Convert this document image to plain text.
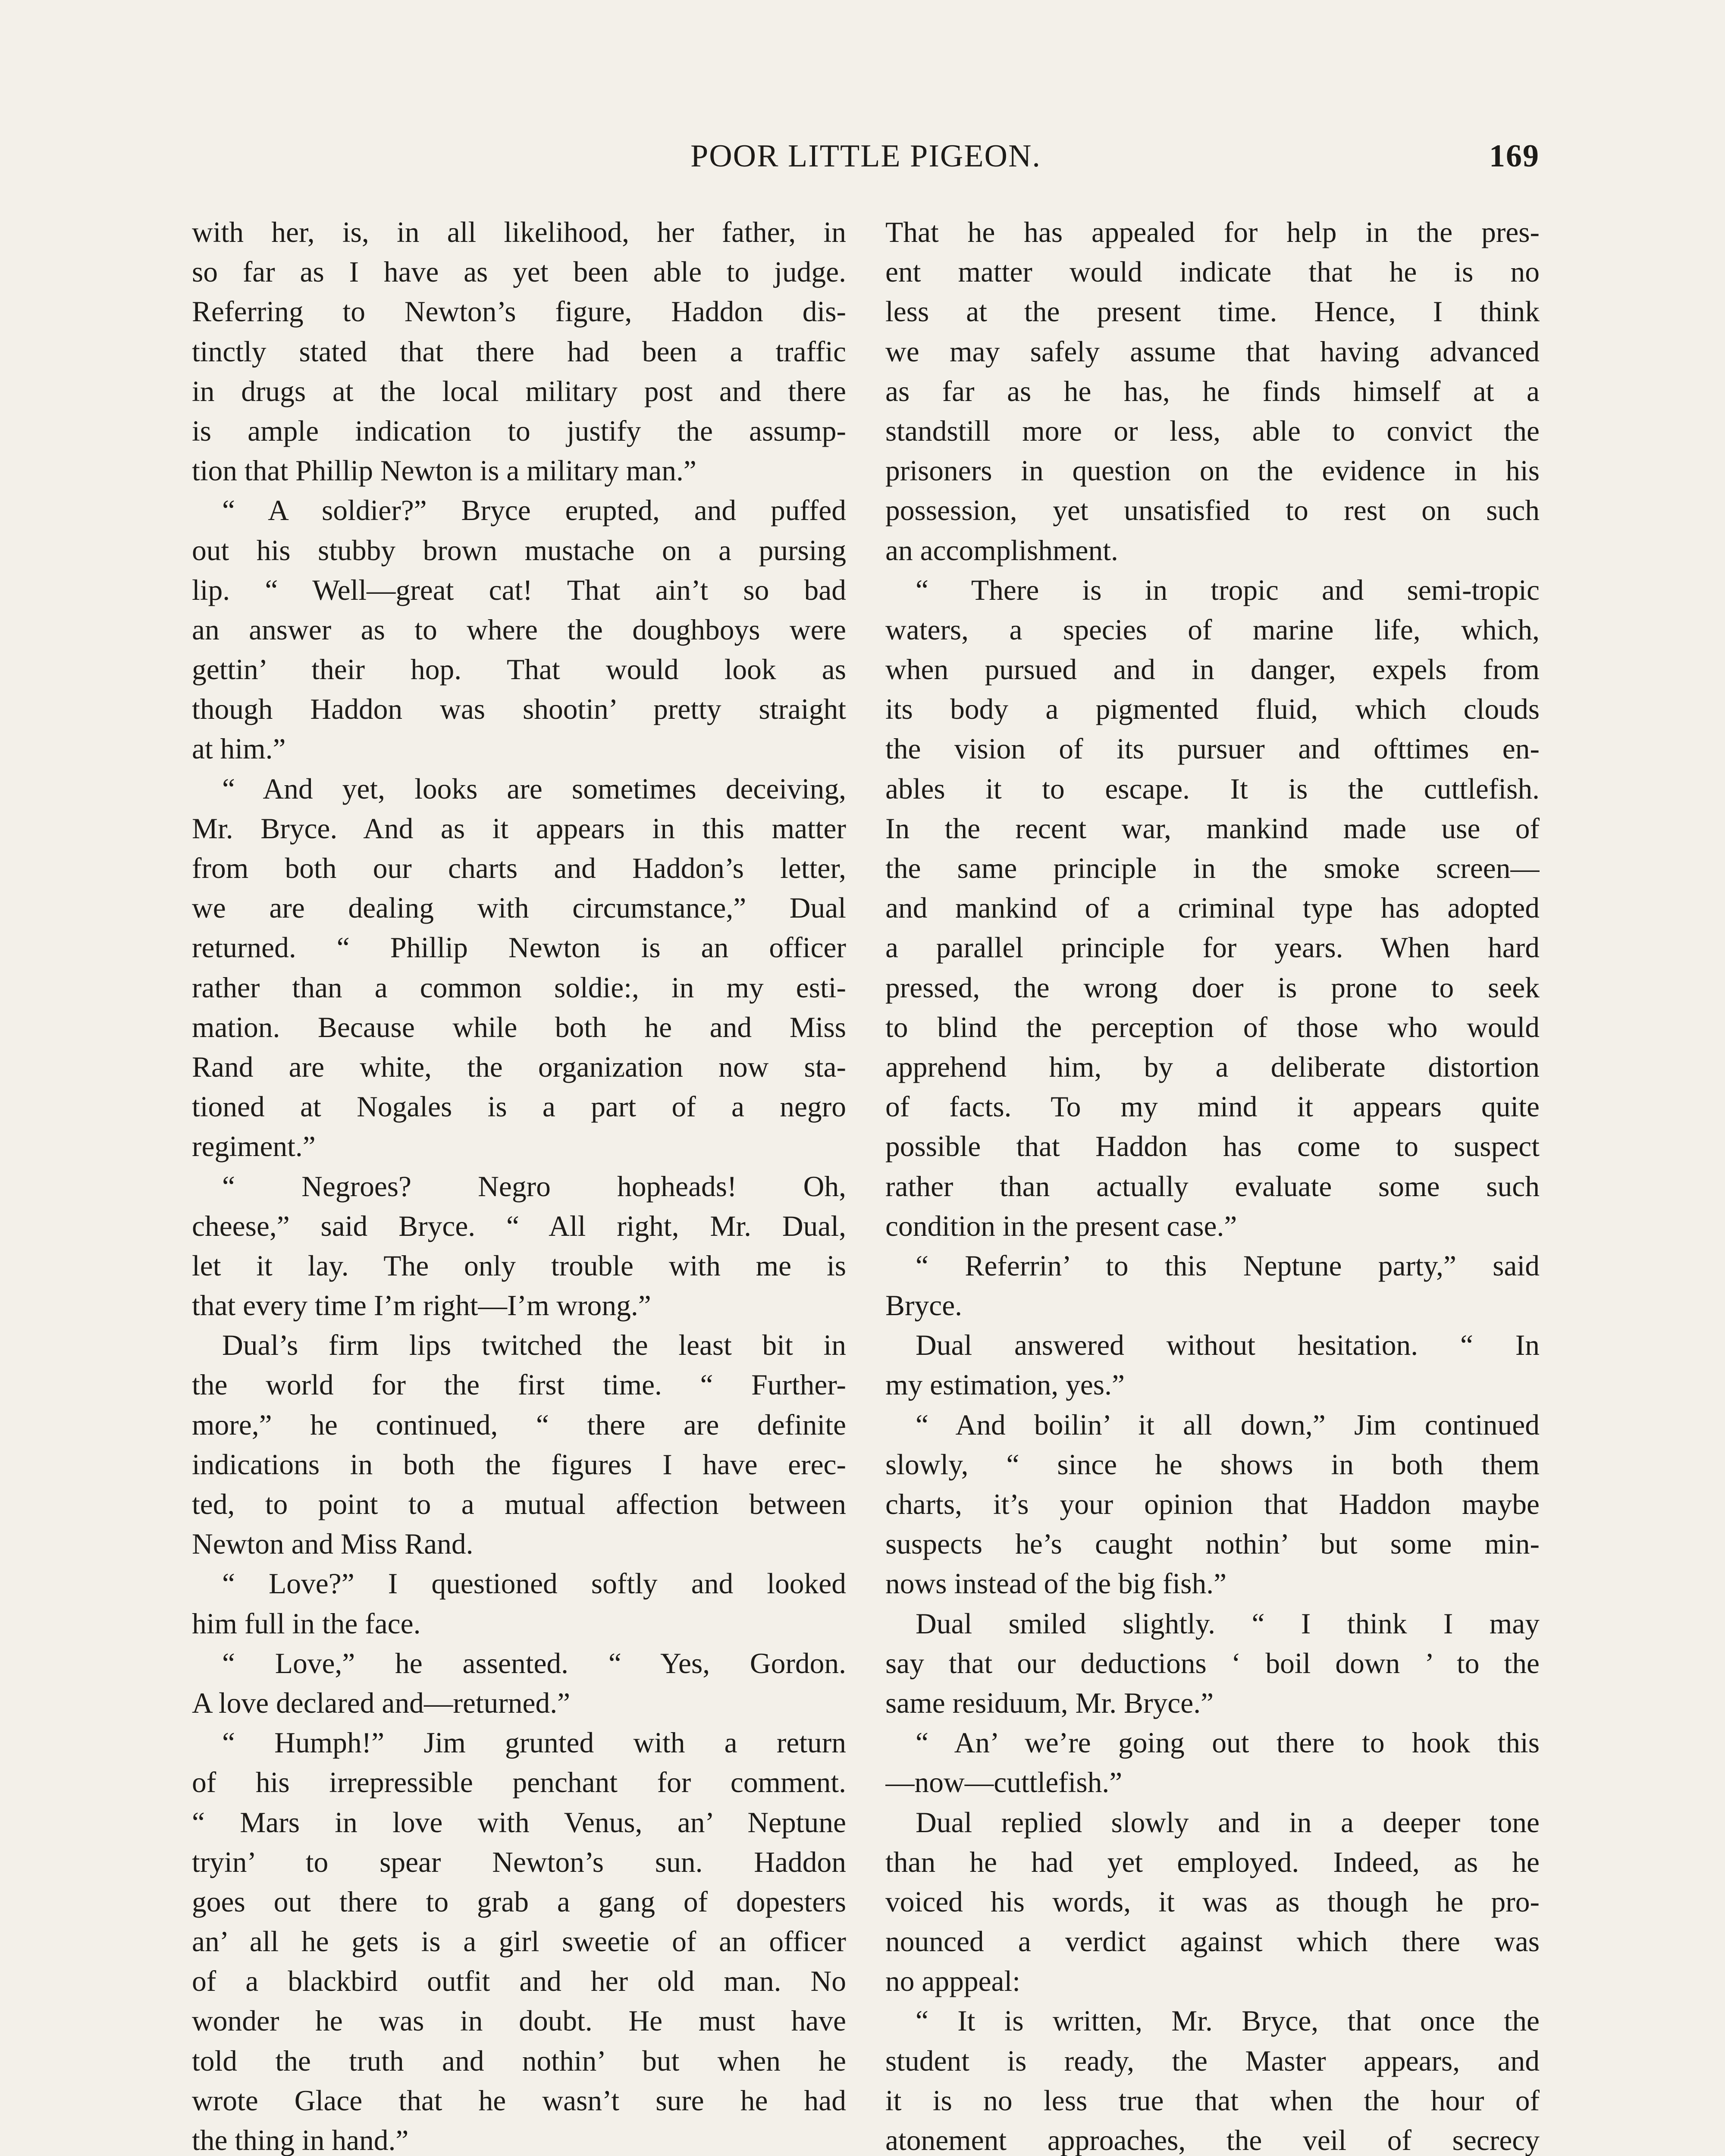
POOR LITTLE PIGEON.	169
with her, is, in all likelihood, her father, in
so far as I have as yet been able to judge.
Referring to Newton’s figure, Haddon dis-
tinctly stated that there had been a traffic
in drugs at the local military post and there
is ample indication to justify the assump-
tion that Phillip Newton is a military man.”
“ A soldier?” Bryce erupted, and puffed
out his stubby brown mustache on a pursing
lip. “ Well—great cat! That ain’t so bad
an answer as to where the doughboys were
gettin’ their hop. That would look as
though Haddon was shootin’ pretty straight
at him.”
“ And yet, looks are sometimes deceiving,
Mr. Bryce. And as it appears in this matter
from both our charts and Haddon’s letter,
we are dealing with circumstance,” Dual
returned. “ Phillip Newton is an officer
rather than a common soldie:, in my esti-
mation. Because while both he and Miss
Rand are white, the organization now sta-
tioned at Nogales is a part of a negro
regiment.”
“ Negroes? Negro hopheads! Oh,
cheese,” said Bryce. “ All right, Mr. Dual,
let it lay. The only trouble with me is
that every time I’m right—I’m wrong.”
Dual’s firm lips twitched the least bit in
the world for the first time. “ Further-
more,” he continued, “ there are definite
indications in both the figures I have erec-
ted, to point to a mutual affection between
Newton and Miss Rand.
“ Love?” I questioned softly and looked
him full in the face.
“ Love,” he assented. “ Yes, Gordon.
A love declared and—returned.”
“ Humph!” Jim grunted with a return
of his irrepressible penchant for comment.
“ Mars in love with Venus, an’ Neptune
tryin’ to spear Newton’s sun. Haddon
goes out there to grab a gang of dopesters
an’ all he gets is a girl sweetie of an officer
of a blackbird outfit and her old man. No
wonder he was in doubt. He must have
told the truth and nothin’ but when he
wrote Glace that he wasn’t sure he had
the thing in hand.”
That he has appealed for help in the pres-
ent matter would indicate that he is no
less at the present time. Hence, I think
we may safely assume that having advanced
as far as he has, he finds himself at a
standstill more or less, able to convict the
prisoners in question on the evidence in his
possession, yet unsatisfied to rest on such
an accomplishment.
“ There is in tropic and semi-tropic
waters, a species of marine life, which,
when pursued and in danger, expels from
its body a pigmented fluid, which clouds
the vision of its pursuer and ofttimes en-
ables it to escape. It is the cuttlefish.
In the recent war, mankind made use of
the same principle in the smoke screen—
and mankind of a criminal type has adopted
a parallel principle for years. When hard
pressed, the wrong doer is prone to seek
to blind the perception of those who would
apprehend him, by a deliberate distortion
of facts. To my mind it appears quite
possible that Haddon has come to suspect
rather than actually evaluate some such
condition in the present case.”
“ Referrin’ to this Neptune party,” said
Bryce.
Dual answered without hesitation. “ In
my estimation, yes.”
“ And boilin’ it all down,” Jim continued
slowly, “ since he shows in both them
charts, it’s your opinion that Haddon maybe
suspects he’s caught nothin’ but some min-
nows instead of the big fish.”
Dual smiled slightly. “ I think I may
say that our deductions ‘ boil down ’ to the
same residuum, Mr. Bryce.”
“ An’ we’re going out there to hook this
—now—cuttlefish.”
Dual replied slowly and in a deeper tone
than he had yet employed. Indeed, as he
voiced his words, it was as though he pro-
nounced a verdict against which there was
no apppeal:
“ It is written, Mr. Bryce, that once the
student is ready, the Master appears, and
it is no less true that when the hour of
atonement approaches, the veil of secrecy
